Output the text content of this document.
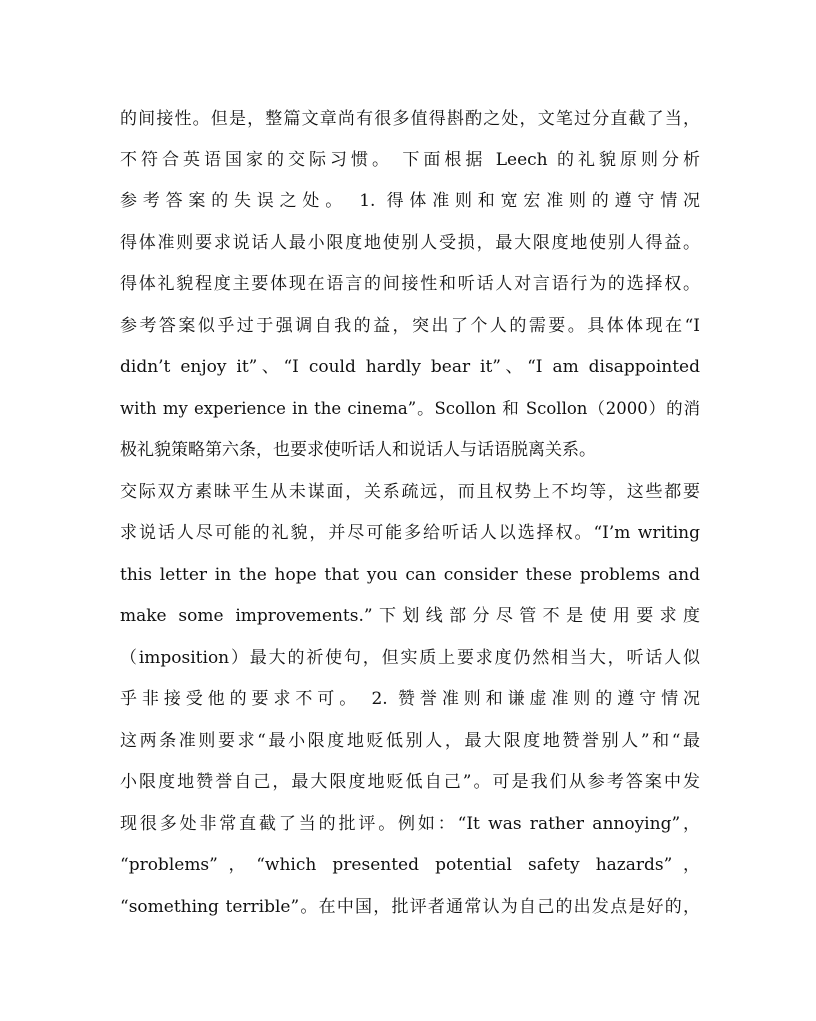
的间接性。但是，整篇文章尚有很多值得斟酌之处，文笔过分直截了当，
不符合英语国家的交际习惯。 下面根据 Leech 的礼貌原则分析
参考答案的失误之处。 1. 得体准则和宽宏准则的遵守情况
得体准则要求说话人最小限度地使别人受损，最大限度地使别人得益。
得体礼貌程度主要体现在语言的间接性和听话人对言语行为的选择权。
参考答案似乎过于强调自我的益，突出了个人的需要。具体体现在“I
didn’t enjoy it”、“I could hardly bear it”、“I am disappointed
with my experience in the cinema”。Scollon 和 Scollon（2000）的消
极礼貌策略第六条，也要求使听话人和说话人与话语脱离关系。
交际双方素昧平生从未谋面，关系疏远，而且权势上不均等，这些都要
求说话人尽可能的礼貌，并尽可能多给听话人以选择权。“I’m writing
this letter in the hope that you can consider these problems and
make some improvements.”下划线部分尽管不是使用要求度
（imposition）最大的祈使句，但实质上要求度仍然相当大，听话人似
乎非接受他的要求不可。 2. 赞誉准则和谦虚准则的遵守情况
这两条准则要求“最小限度地贬低别人，最大限度地赞誉别人”和“最
小限度地赞誉自己，最大限度地贬低自己”。可是我们从参考答案中发
现很多处非常直截了当的批评。例如：“It was rather annoying”，
“problems”，“which presented potential safety hazards”，
“something terrible”。在中国，批评者通常认为自己的出发点是好的，
